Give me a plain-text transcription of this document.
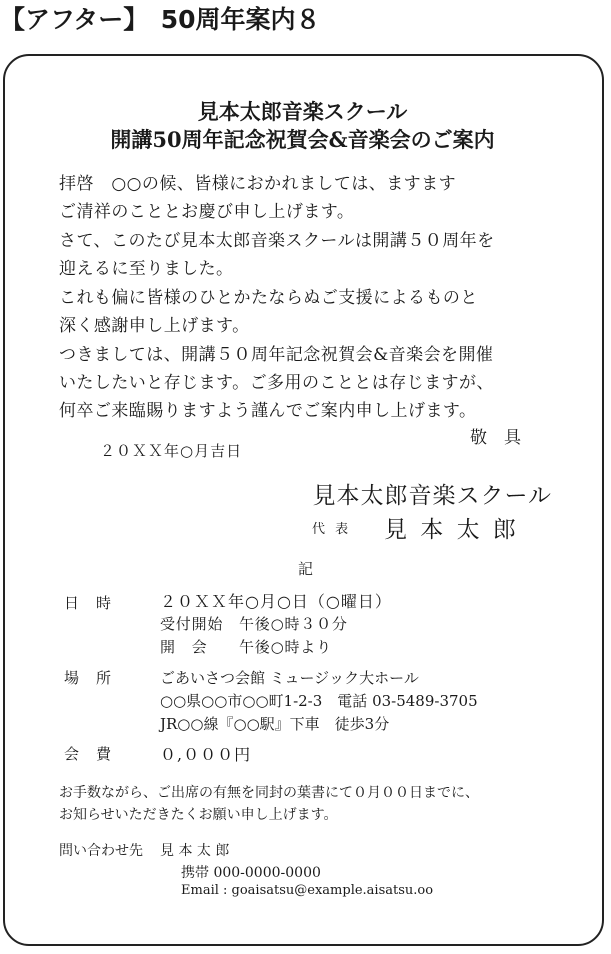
【アフター】　50周年案内８
見本太郎音楽スクール
開講50周年記念祝賀会&音楽会のご案内
拝啓　○○の候、皆様におかれましては、ますます
ご清祥のこととお慶び申し上げます。
さて、このたび見本太郎音楽スクールは開講５０周年を
迎えるに至りました。
これも偏に皆様のひとかたならぬご支援によるものと
深く感謝申し上げます。
つきましては、開講５０周年記念祝賀会&音楽会を開催
いたしたいと存じます。ご多用のこととは存じますが、
何卒ご来臨賜りますよう謹んでご案内申し上げます。
敬　具
２０ＸＸ年○月吉日
見本太郎音楽スクール
代 表 見 本 太 郎
記
日　時	２０ＸＸ年○月○日（○曜日）
受付開始　午後○時３０分
開　会　　午後○時より
場　所	ごあいさつ会館 ミュージック大ホール
○○県○○市○○町1-2-3　電話 03-5489-3705
JR○○線『○○駅』下車　徒歩3分
会　費	０,０００円
お手数ながら、ご出席の有無を同封の葉書にて０月００日までに、
お知らせいただきたくお願い申し上げます。
問い合わせ先 見 本 太 郎
携帯 000-0000-0000
Email : goaisatsu@example.aisatsu.oo
